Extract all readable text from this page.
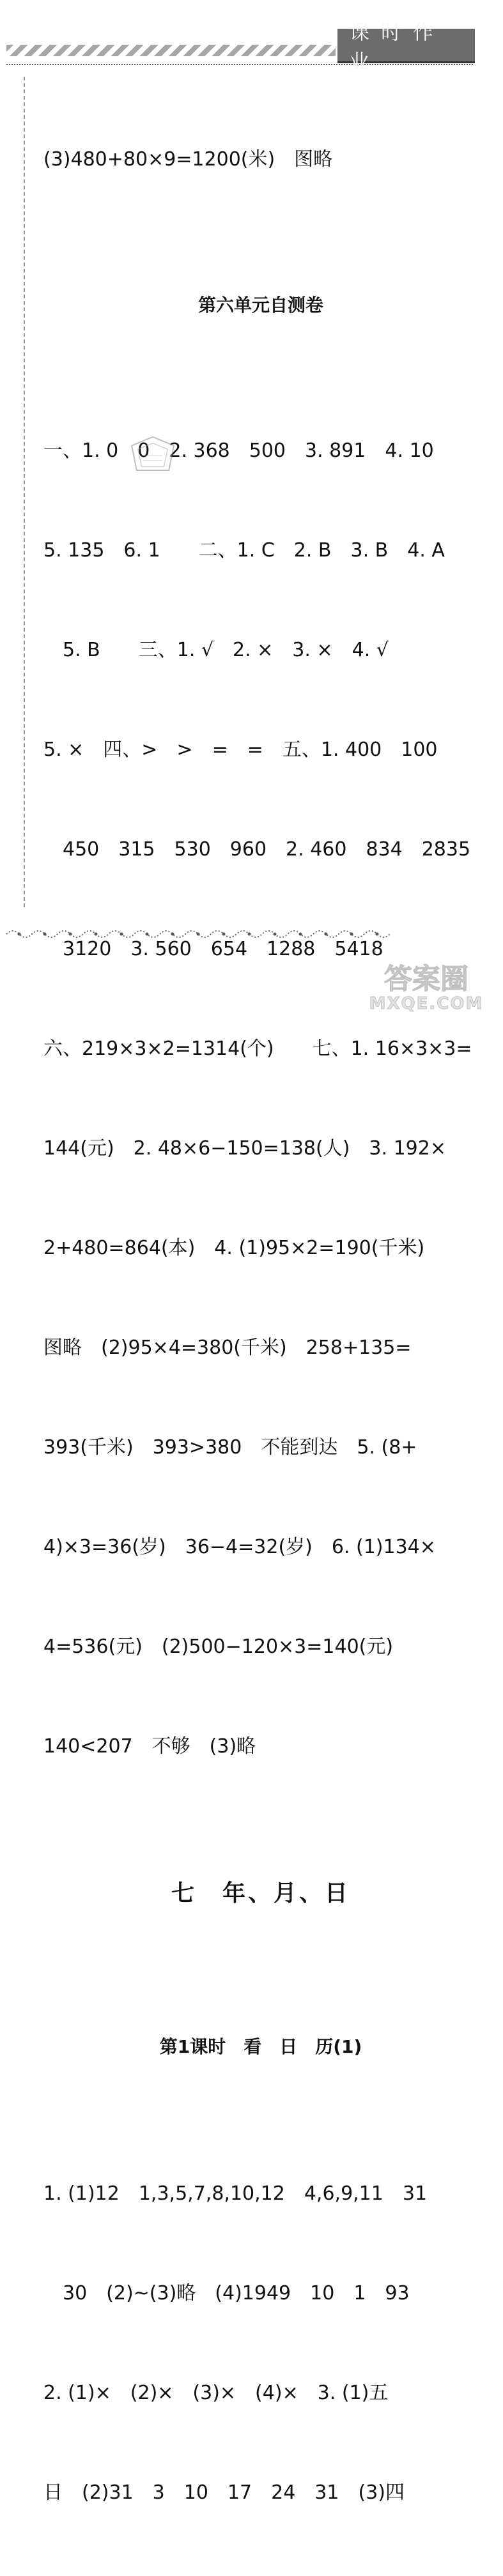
课时作业

(3)480+80×9=1200(米)　图略

第六单元自测卷

一、1. 0　0　2. 368　500　3. 891　4. 10

5. 135　6. 1　　二、1. C　2. B　3. B　4. A

　5. B　　三、1. √　2. ×　3. ×　4. √

5. ×　四、>　>　=　=　五、1. 400　100

　450　315　530　960　2. 460　834　2835

　3120　3. 560　654　1288　5418

六、219×3×2=1314(个)　　七、1. 16×3×3=

144(元)　2. 48×6−150=138(人)　3. 192×

2+480=864(本)　4. (1)95×2=190(千米)

图略　(2)95×4=380(千米)　258+135=

393(千米)　393>380　不能到达　5. (8+

4)×3=36(岁)　36−4=32(岁)　6. (1)134×

4=536(元)　(2)500−120×3=140(元)

140<207　不够　(3)略

七　年、月、日

第1课时　看　日　历(1)

1. (1)12　1,3,5,7,8,10,12　4,6,9,11　31

　30　(2)~(3)略　(4)1949　10　1　93

2. (1)×　(2)×　(3)×　(4)×　3. (1)五

日　(2)31　3　10　17　24　31　(3)四

答案圈
MXQE.COM
